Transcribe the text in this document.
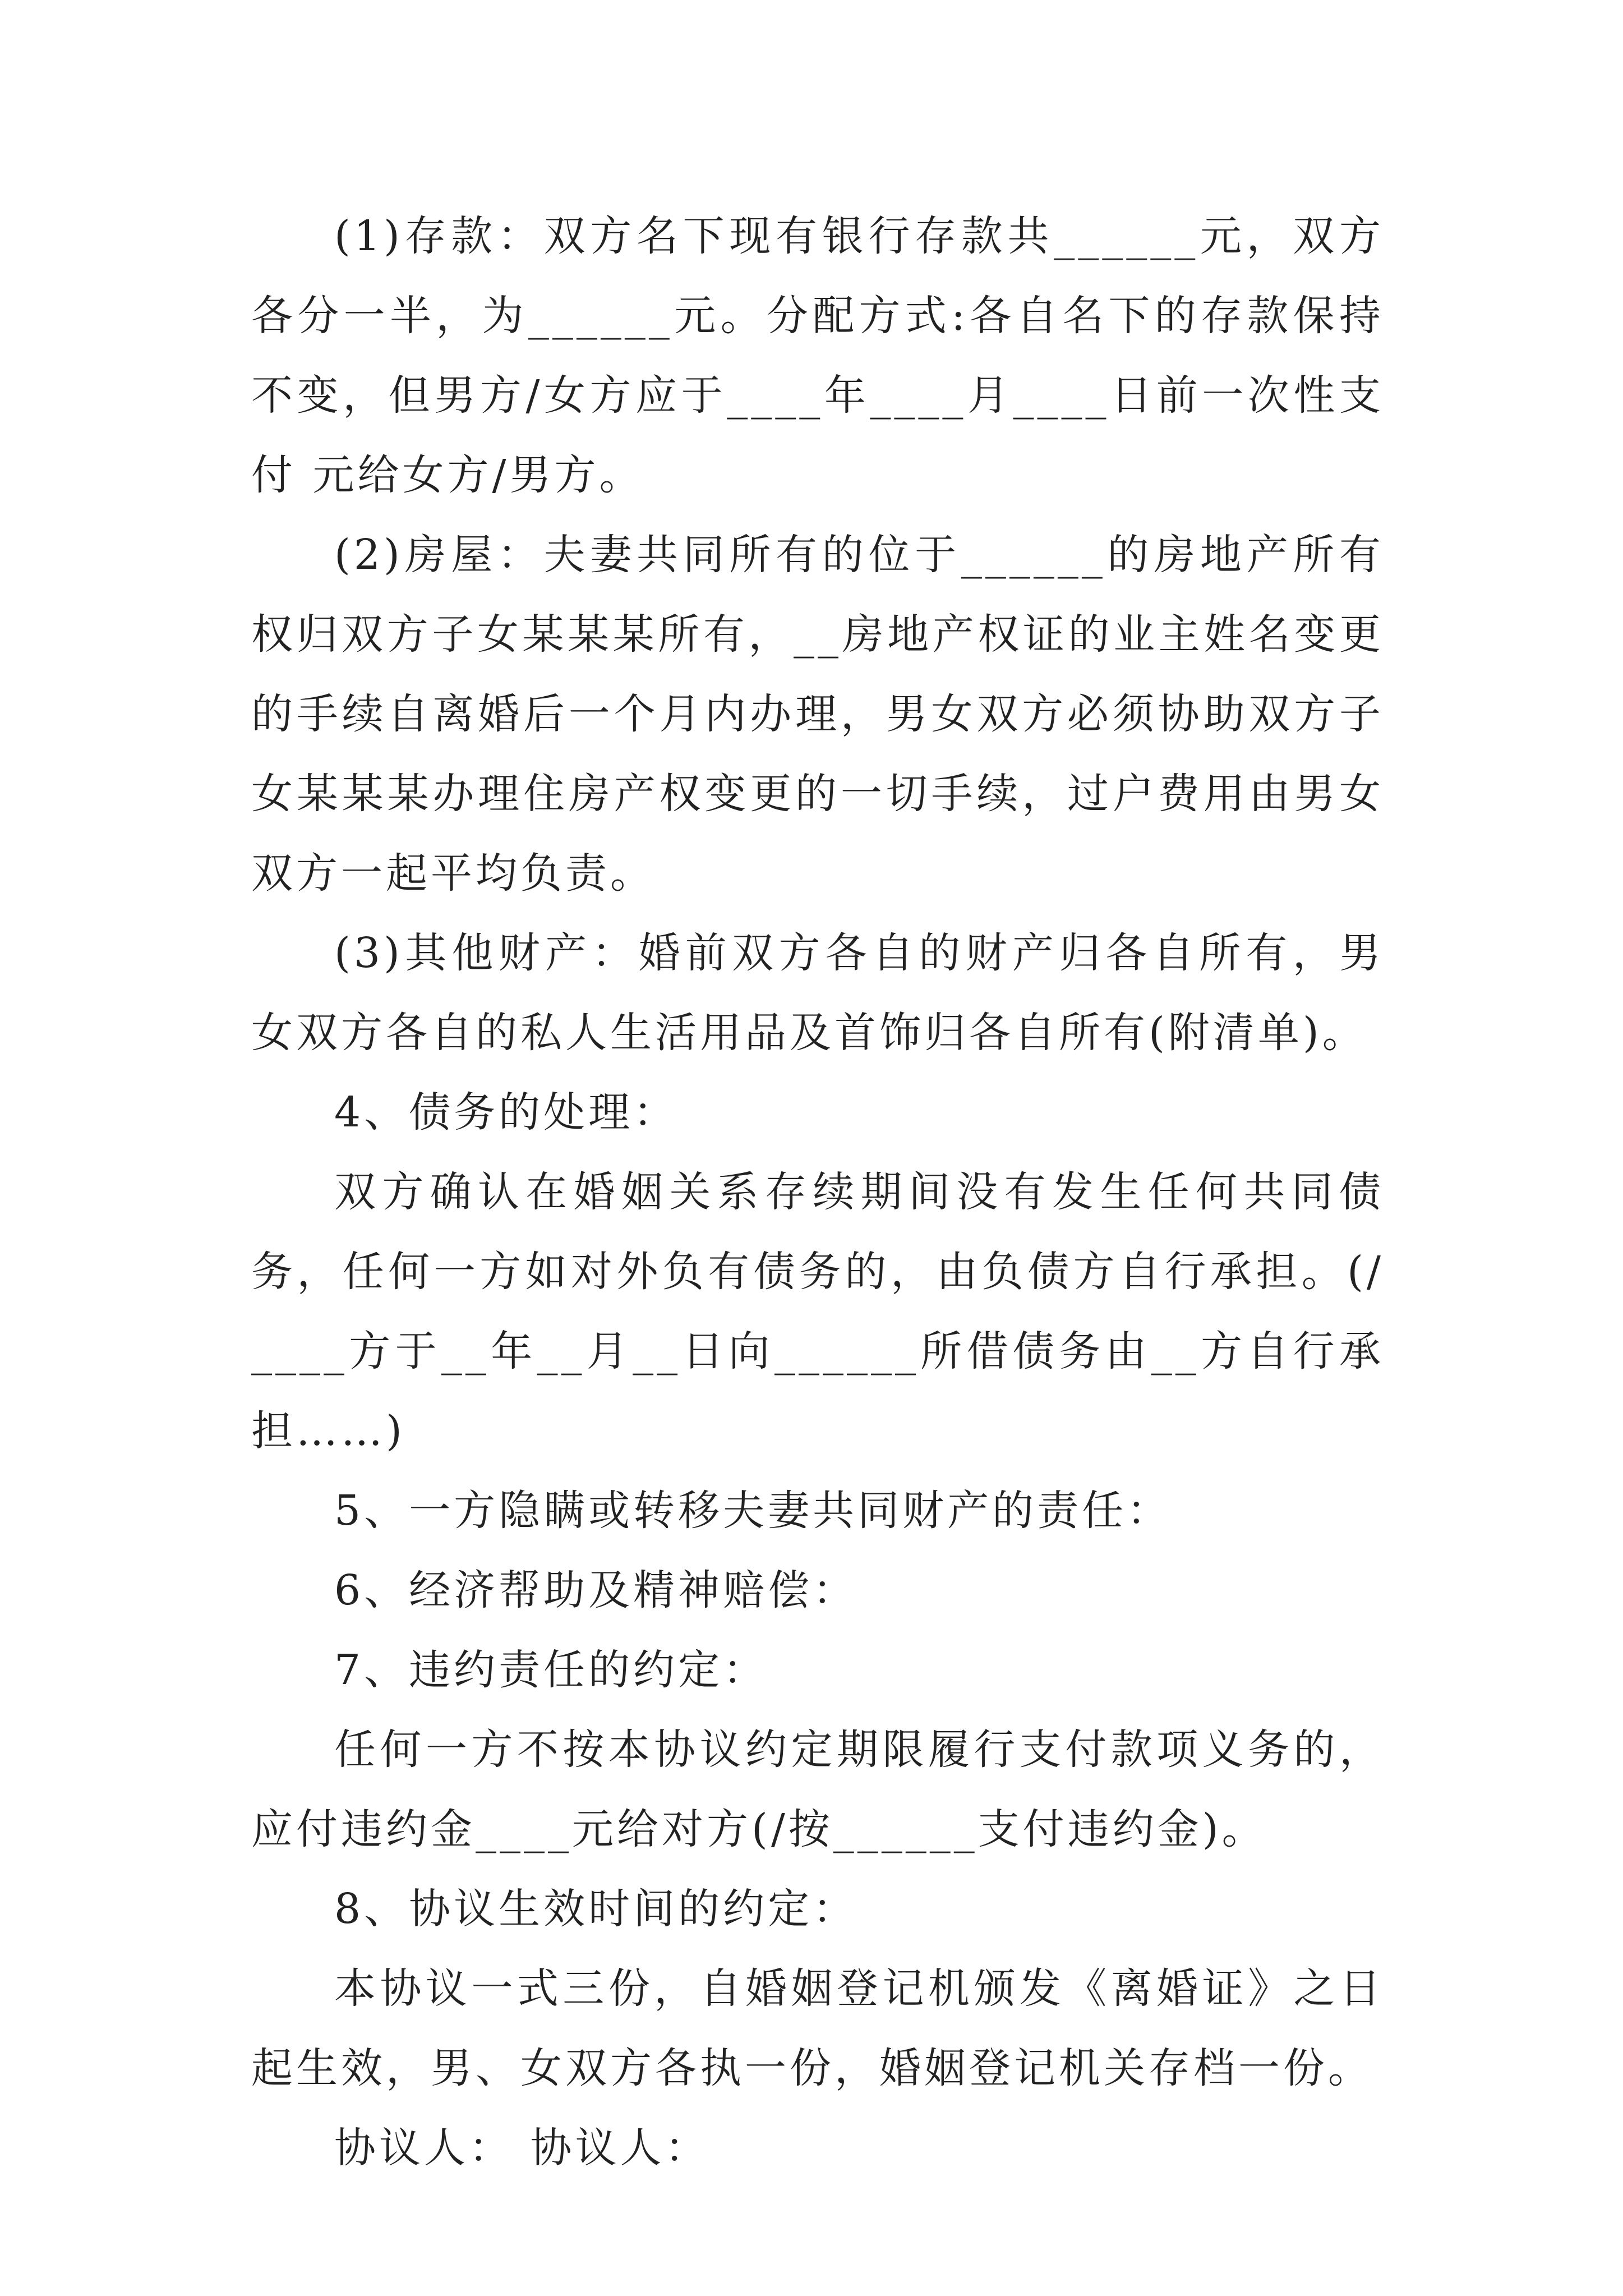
(1)存款：双方名下现有银行存款共______元，双方各分一半，为______元。分配方式:各自名下的存款保持不变，但男方/女方应于____年____月____日前一次性支付 元给女方/男方。

(2)房屋：夫妻共同所有的位于______的房地产所有权归双方子女某某某所有，__房地产权证的业主姓名变更的手续自离婚后一个月内办理，男女双方必须协助双方子女某某某办理住房产权变更的一切手续，过户费用由男女双方一起平均负责。

(3)其他财产：婚前双方各自的财产归各自所有，男女双方各自的私人生活用品及首饰归各自所有(附清单)。

4、债务的处理：

双方确认在婚姻关系存续期间没有发生任何共同债务，任何一方如对外负有债务的，由负债方自行承担。(/____方于__年__月__日向______所借债务由__方自行承担……)

5、一方隐瞒或转移夫妻共同财产的责任：

6、经济帮助及精神赔偿：

7、违约责任的约定：

任何一方不按本协议约定期限履行支付款项义务的，应付违约金____元给对方(/按______支付违约金)。

8、协议生效时间的约定：

本协议一式三份，自婚姻登记机颁发《离婚证》之日起生效，男、女双方各执一份，婚姻登记机关存档一份。

协议人： 协议人：
